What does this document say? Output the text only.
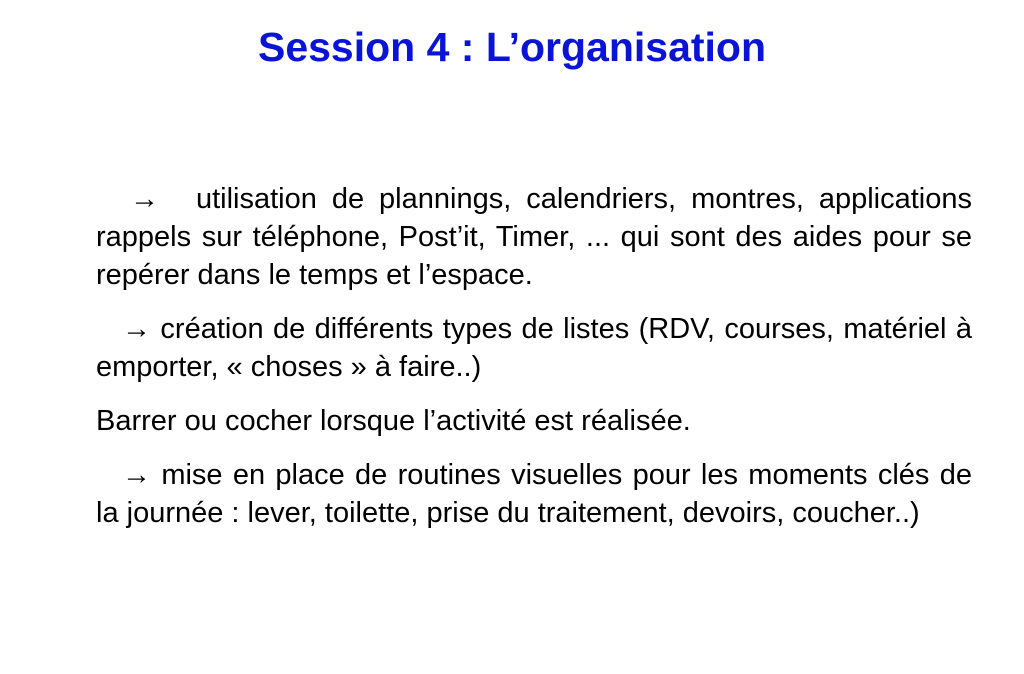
Session 4 : L’organisation

→ utilisation de plannings, calendriers, montres, applications rappels sur téléphone, Post’it, Timer, ... qui sont des aides pour se repérer dans le temps et l’espace.

→ création de différents types de listes (RDV, courses, matériel à emporter, « choses » à faire..)

Barrer ou cocher lorsque l’activité est réalisée.

→ mise en place de routines visuelles pour les moments clés de la journée : lever, toilette, prise du traitement, devoirs, coucher..)
